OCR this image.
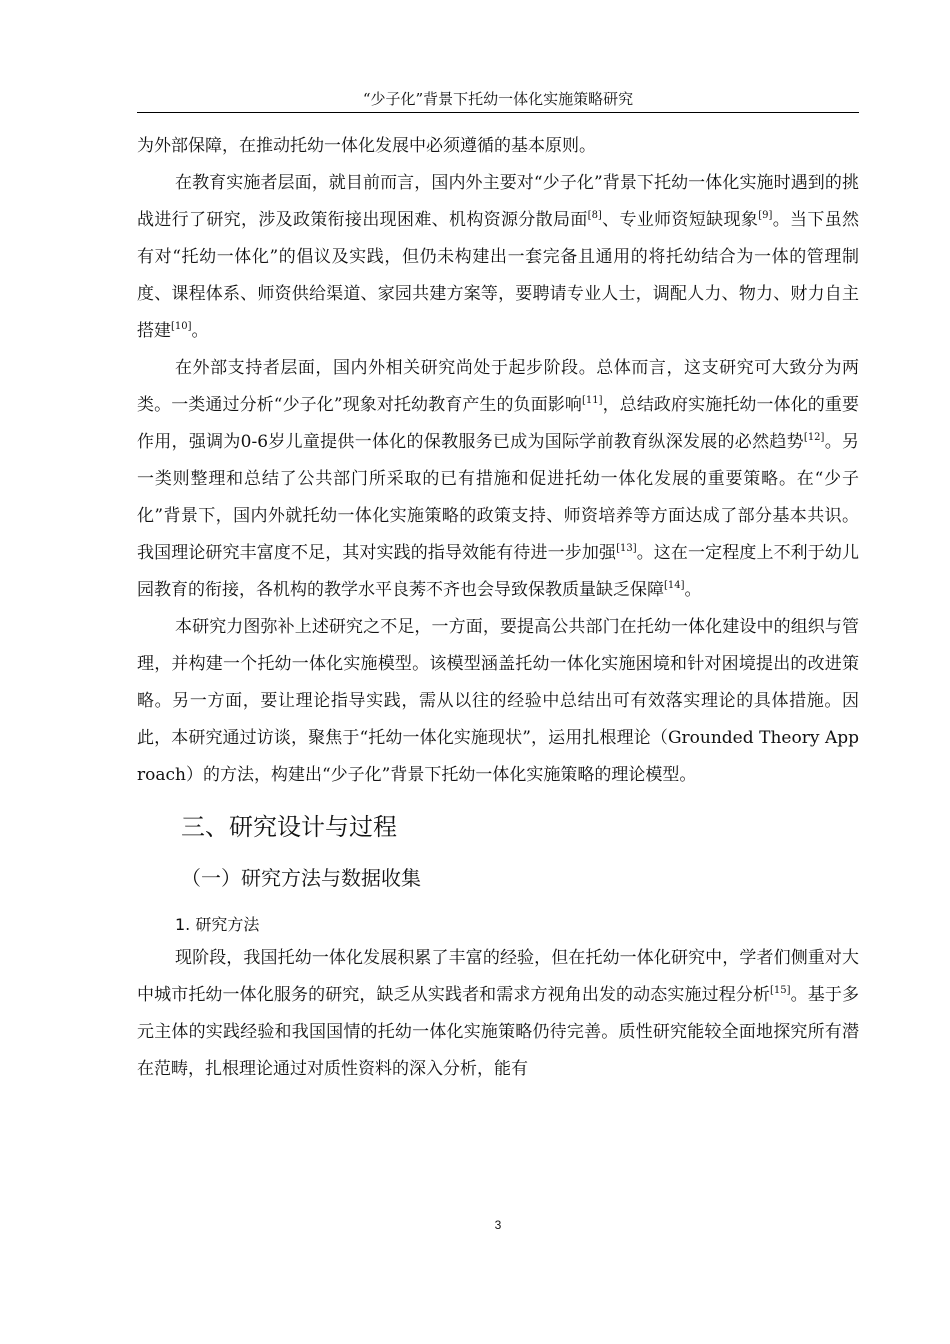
“少子化”背景下托幼一体化实施策略研究

为外部保障，在推动托幼一体化发展中必须遵循的基本原则。

在教育实施者层面，就目前而言，国内外主要对“少子化”背景下托幼一体化实施时遇到的挑战进行了研究，涉及政策衔接出现困难、机构资源分散局面[8]、专业师资短缺现象[9]。当下虽然有对“托幼一体化”的倡议及实践，但仍未构建出一套完备且通用的将托幼结合为一体的管理制度、课程体系、师资供给渠道、家园共建方案等，要聘请专业人士，调配人力、物力、财力自主搭建[10]。

在外部支持者层面，国内外相关研究尚处于起步阶段。总体而言，这支研究可大致分为两类。一类通过分析“少子化”现象对托幼教育产生的负面影响[11]，总结政府实施托幼一体化的重要作用，强调为0-6岁儿童提供一体化的保教服务已成为国际学前教育纵深发展的必然趋势[12]。另一类则整理和总结了公共部门所采取的已有措施和促进托幼一体化发展的重要策略。在“少子化”背景下，国内外就托幼一体化实施策略的政策支持、师资培养等方面达成了部分基本共识。我国理论研究丰富度不足，其对实践的指导效能有待进一步加强[13]。这在一定程度上不利于幼儿园教育的衔接，各机构的教学水平良莠不齐也会导致保教质量缺乏保障[14]。

本研究力图弥补上述研究之不足，一方面，要提高公共部门在托幼一体化建设中的组织与管理，并构建一个托幼一体化实施模型。该模型涵盖托幼一体化实施困境和针对困境提出的改进策略。另一方面，要让理论指导实践，需从以往的经验中总结出可有效落实理论的具体措施。因此，本研究通过访谈，聚焦于“托幼一体化实施现状”，运用扎根理论（Grounded Theory Approach）的方法，构建出“少子化”背景下托幼一体化实施策略的理论模型。

三、研究设计与过程
（一）研究方法与数据收集
1. 研究方法

现阶段，我国托幼一体化发展积累了丰富的经验，但在托幼一体化研究中，学者们侧重对大中城市托幼一体化服务的研究，缺乏从实践者和需求方视角出发的动态实施过程分析[15]。基于多元主体的实践经验和我国国情的托幼一体化实施策略仍待完善。质性研究能较全面地探究所有潜在范畴，扎根理论通过对质性资料的深入分析，能有

3
